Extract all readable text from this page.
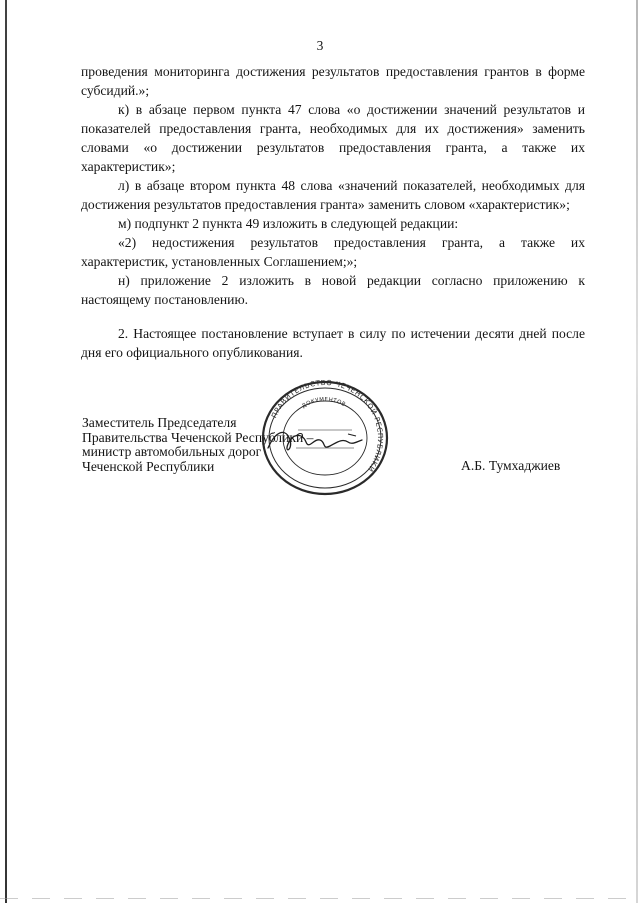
3

проведения мониторинга достижения результатов предоставления грантов в форме субсидий.»;

к) в абзаце первом пункта 47 слова «о достижении значений результатов и показателей предоставления гранта, необходимых для их достижения» заменить словами «о достижении результатов предоставления гранта, а также их характеристик»;

л) в абзаце втором пункта 48 слова «значений показателей, необходимых для достижения результатов предоставления гранта» заменить словом «характеристик»;

м) подпункт 2 пункта 49 изложить в следующей редакции:

«2) недостижения результатов предоставления гранта, а также их характеристик, установленных Соглашением;»;

н) приложение 2 изложить в новой редакции согласно приложению к настоящему постановлению.

2. Настоящее постановление вступает в силу по истечении десяти дней после дня его официального опубликования.

Заместитель Председателя
Правительства Чеченской Республики –
министр автомобильных дорог
Чеченской Республики
ПРАВИТЕЛЬСТВО ЧЕЧЕНСКОЙ РЕСПУБЛИКИ
ДОКУМЕНТОВ
А.Б. Тумхаджиев
